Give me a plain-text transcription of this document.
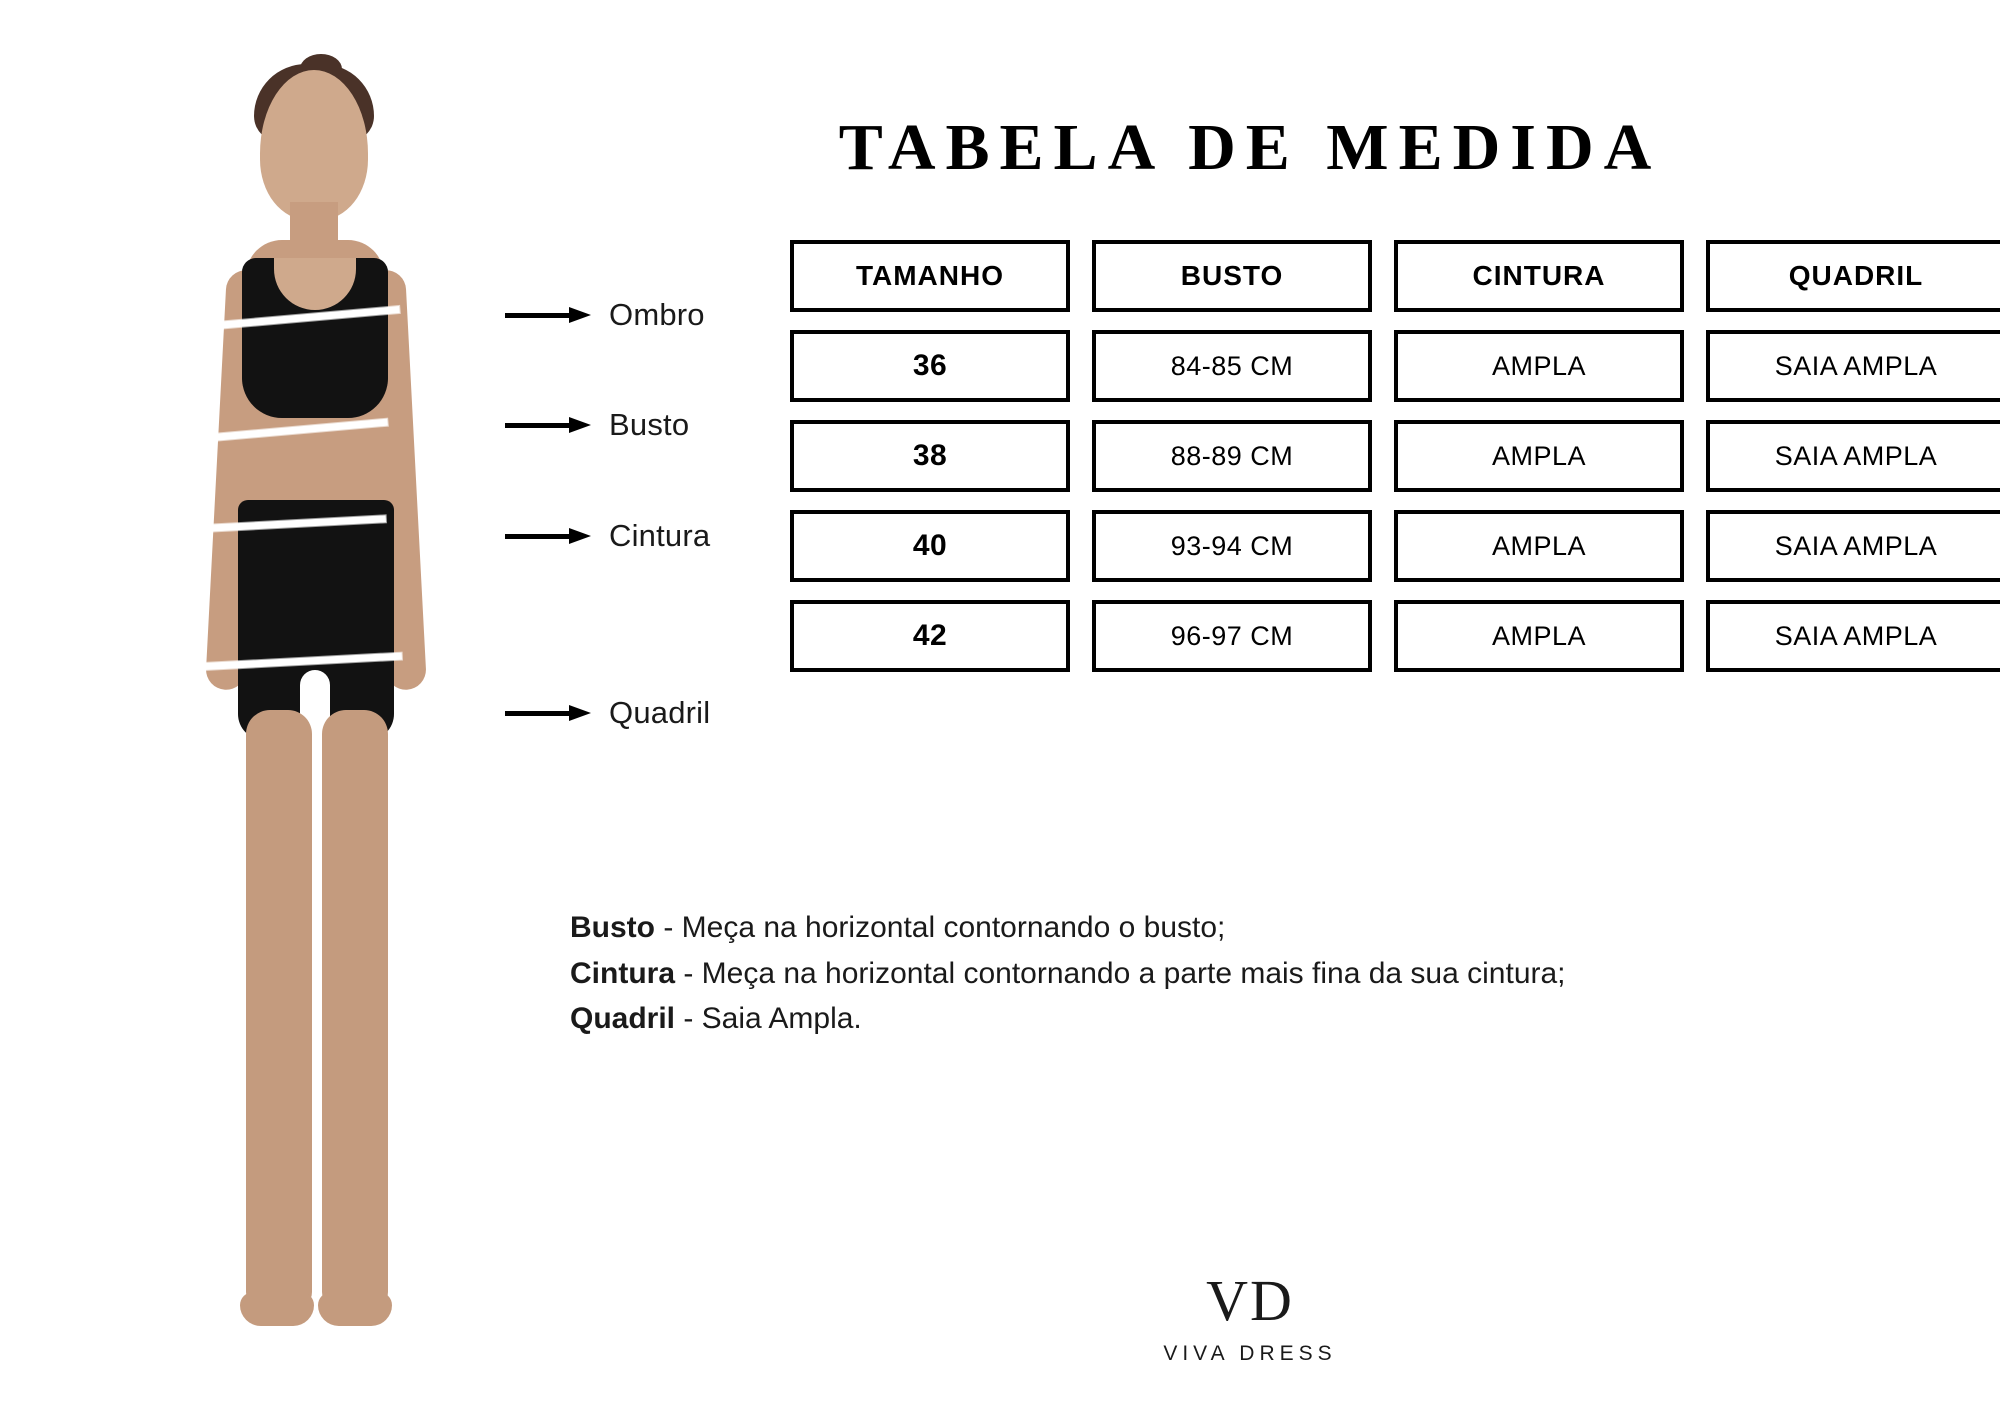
Ombro
Busto
Cintura
Quadril
TABELA DE MEDIDA
TAMANHO	BUSTO	CINTURA	QUADRIL
36	84-85 CM	AMPLA	SAIA AMPLA
38	88-89 CM	AMPLA	SAIA AMPLA
40	93-94 CM	AMPLA	SAIA AMPLA
42	96-97 CM	AMPLA	SAIA AMPLA
Busto - Meça na horizontal contornando o busto;
Cintura - Meça na horizontal contornando a parte mais fina da sua cintura;
Quadril - Saia Ampla.
VD
VIVA DRESS
